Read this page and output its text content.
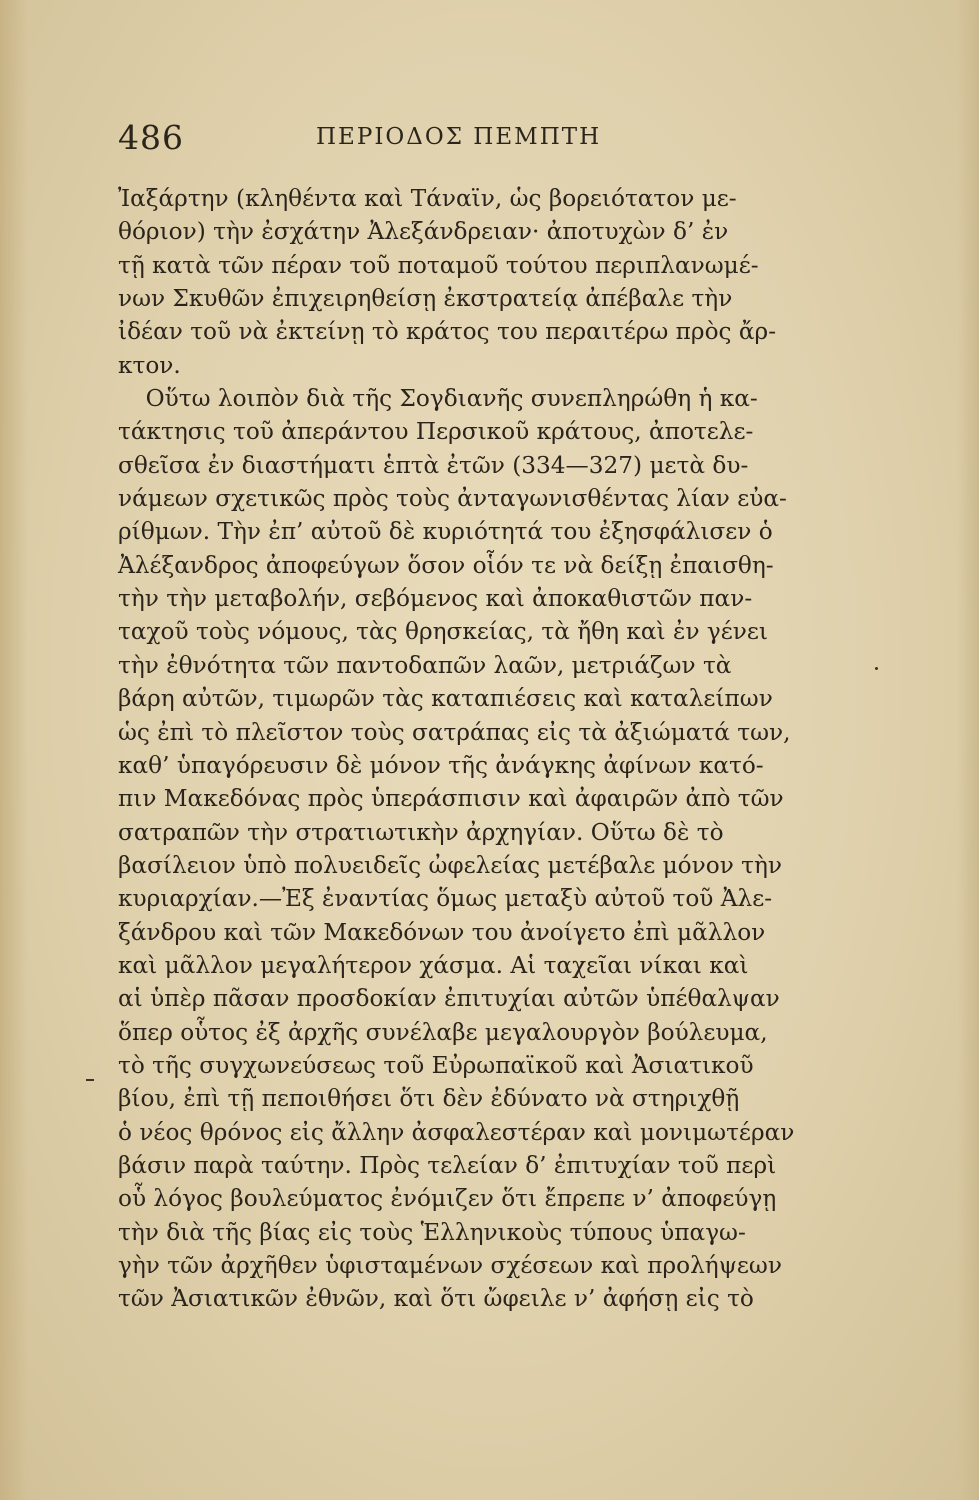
486	ΠΕΡΙΟΔΟΣ ΠΕΜΠΤΗ
Ἰαξάρτην (κληθέντα καὶ Τάναϊν, ὡς βορειότατον με-
θόριον) τὴν ἐσχάτην Ἀλεξάνδρειαν· ἀποτυχὼν δ’ ἐν
τῇ κατὰ τῶν πέραν τοῦ ποταμοῦ τούτου περιπλανωμέ-
νων Σκυθῶν ἐπιχειρηθείσῃ ἐκστρατείᾳ ἀπέβαλε τὴν
ἰδέαν τοῦ νὰ ἐκτείνῃ τὸ κράτος του περαιτέρω πρὸς ἄρ-
κτον.
Οὕτω λοιπὸν διὰ τῆς Σογδιανῆς συνεπληρώθη ἡ κα-
τάκτησις τοῦ ἀπεράντου Περσικοῦ κράτους, ἀποτελε-
σθεῖσα ἐν διαστήματι ἑπτὰ ἐτῶν (334—327) μετὰ δυ-
νάμεων σχετικῶς πρὸς τοὺς ἀνταγωνισθέντας λίαν εὐα-
ρίθμων. Τὴν ἐπ’ αὐτοῦ δὲ κυριότητά του ἐξησφάλισεν ὁ
Ἀλέξανδρος ἀποφεύγων ὅσον οἷόν τε νὰ δείξῃ ἐπαισθη-
τὴν τὴν μεταβολήν, σεβόμενος καὶ ἀποκαθιστῶν παν-
ταχοῦ τοὺς νόμους, τὰς θρησκείας, τὰ ἤθη καὶ ἐν γένει
τὴν ἐθνότητα τῶν παντοδαπῶν λαῶν, μετριάζων τὰ
βάρη αὐτῶν, τιμωρῶν τὰς καταπιέσεις καὶ καταλείπων
ὡς ἐπὶ τὸ πλεῖστον τοὺς σατράπας εἰς τὰ ἀξιώματά των,
καθ’ ὑπαγόρευσιν δὲ μόνον τῆς ἀνάγκης ἀφίνων κατό-
πιν Μακεδόνας πρὸς ὑπεράσπισιν καὶ ἀφαιρῶν ἀπὸ τῶν
σατραπῶν τὴν στρατιωτικὴν ἀρχηγίαν. Οὕτω δὲ τὸ
βασίλειον ὑπὸ πολυειδεῖς ὠφελείας μετέβαλε μόνον τὴν
κυριαρχίαν.—Ἐξ ἐναντίας ὅμως μεταξὺ αὐτοῦ τοῦ Ἀλε-
ξάνδρου καὶ τῶν Μακεδόνων του ἀνοίγετο ἐπὶ μᾶλλον
καὶ μᾶλλον μεγαλήτερον χάσμα. Αἱ ταχεῖαι νίκαι καὶ
αἱ ὑπὲρ πᾶσαν προσδοκίαν ἐπιτυχίαι αὐτῶν ὑπέθαλψαν
ὅπερ οὗτος ἐξ ἀρχῆς συνέλαβε μεγαλουργὸν βούλευμα,
τὸ τῆς συγχωνεύσεως τοῦ Εὐρωπαϊκοῦ καὶ Ἀσιατικοῦ
βίου, ἐπὶ τῇ πεποιθήσει ὅτι δὲν ἐδύνατο νὰ στηριχθῇ
ὁ νέος θρόνος εἰς ἄλλην ἀσφαλεστέραν καὶ μονιμωτέραν
βάσιν παρὰ ταύτην. Πρὸς τελείαν δ’ ἐπιτυχίαν τοῦ περὶ
οὗ λόγος βουλεύματος ἐνόμιζεν ὅτι ἔπρεπε ν’ ἀποφεύγῃ
τὴν διὰ τῆς βίας εἰς τοὺς Ἑλληνικοὺς τύπους ὑπαγω-
γὴν τῶν ἀρχῆθεν ὑφισταμένων σχέσεων καὶ προλήψεων
τῶν Ἀσιατικῶν ἐθνῶν, καὶ ὅτι ὤφειλε ν’ ἀφήσῃ εἰς τὸ
